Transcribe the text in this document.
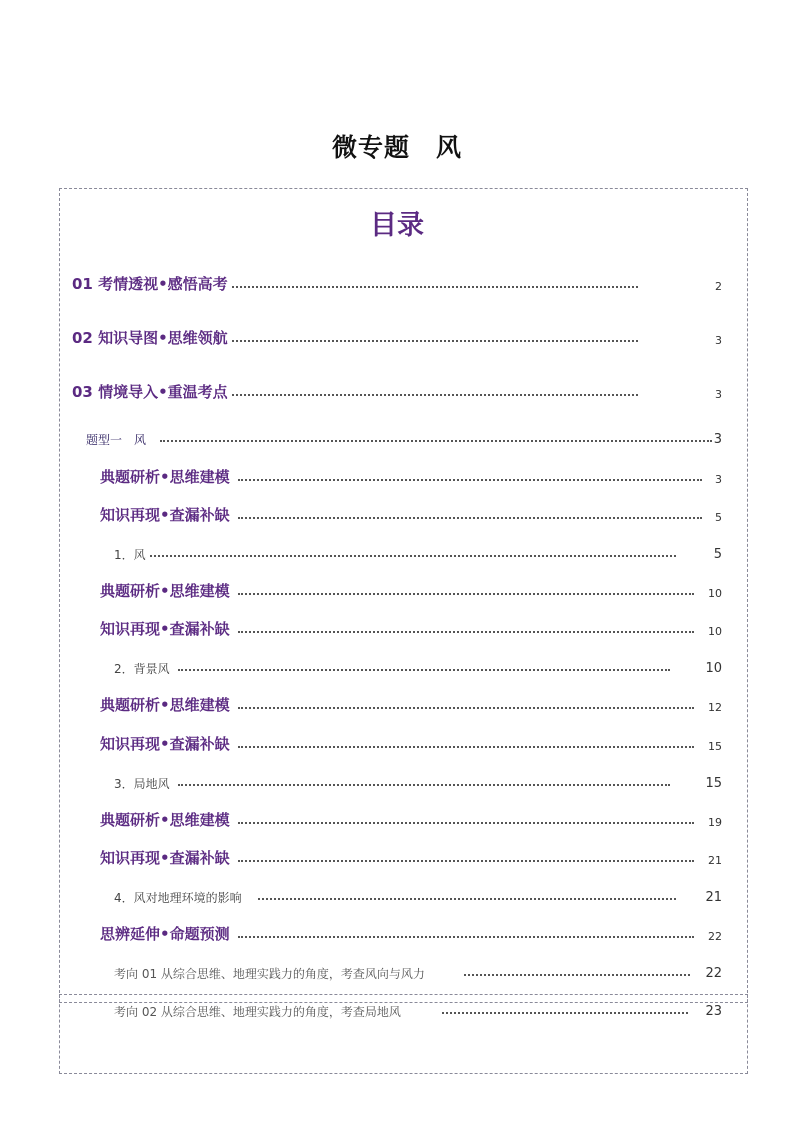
微专题　风
目录
01 考情透视•感悟高考	2
02 知识导图•思维领航	3
03 情境导入•重温考点	3
题型一　风	3
典题研析•思维建模	3
知识再现•查漏补缺	5
1．风	5
典题研析•思维建模	10
知识再现•查漏补缺	10
2．背景风	10
典题研析•思维建模	12
知识再现•查漏补缺	15
3．局地风	15
典题研析•思维建模	19
知识再现•查漏补缺	21
4．风对地理环境的影响	21
思辨延伸•命题预测	22
考向 01 从综合思维、地理实践力的角度，考查风向与风力	22
考向 02 从综合思维、地理实践力的角度，考查局地风	23
